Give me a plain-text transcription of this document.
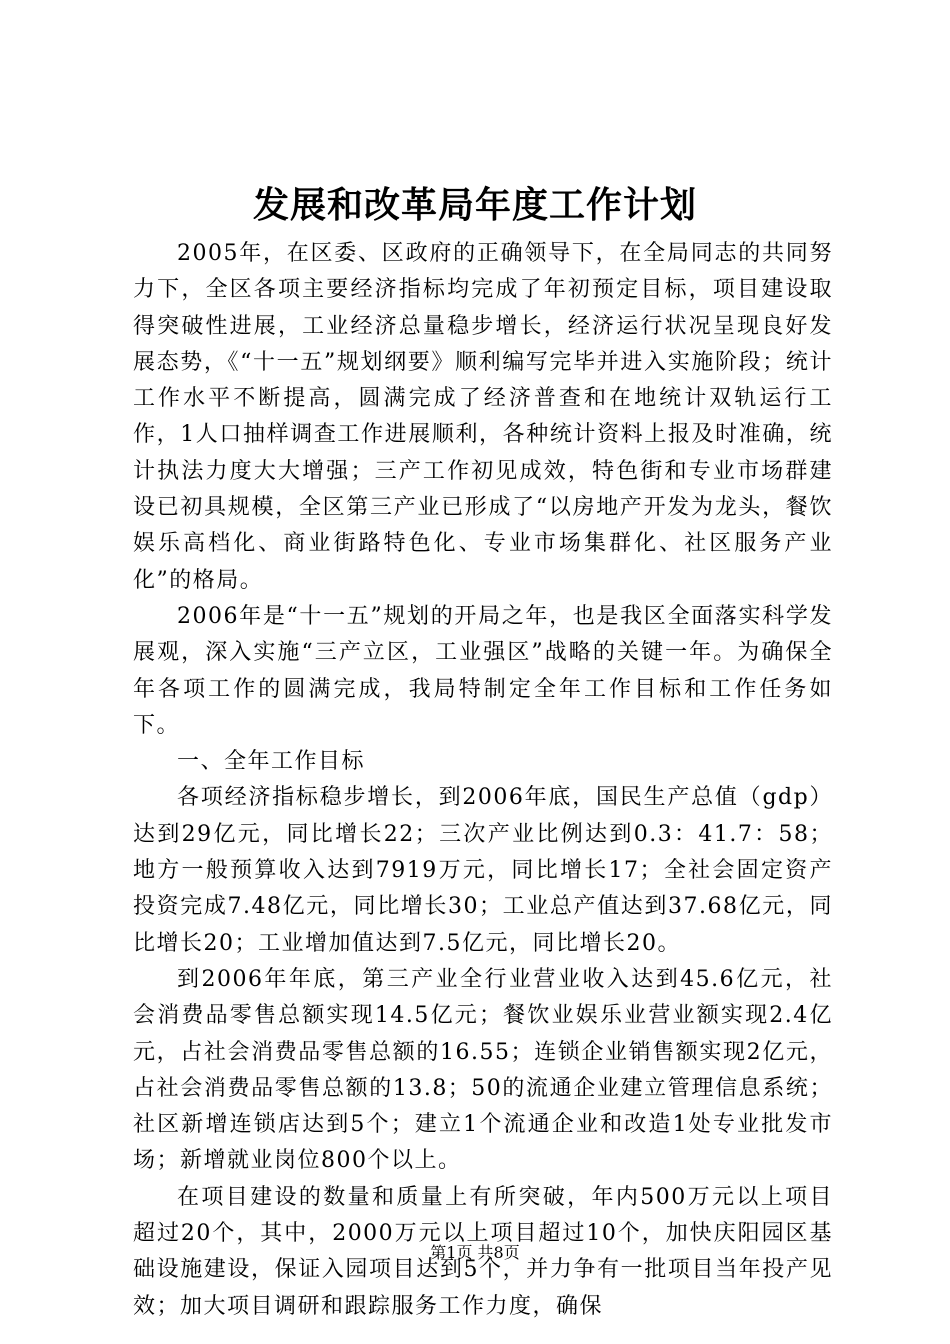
发展和改革局年度工作计划

2005年，在区委、区政府的正确领导下，在全局同志的共同努力下，全区各项主要经济指标均完成了年初预定目标，项目建设取得突破性进展，工业经济总量稳步增长，经济运行状况呈现良好发展态势，《“十一五”规划纲要》顺利编写完毕并进入实施阶段；统计工作水平不断提高，圆满完成了经济普查和在地统计双轨运行工作，1人口抽样调查工作进展顺利，各种统计资料上报及时准确，统计执法力度大大增强；三产工作初见成效，特色街和专业市场群建设已初具规模，全区第三产业已形成了“以房地产开发为龙头，餐饮娱乐高档化、商业街路特色化、专业市场集群化、社区服务产业化”的格局。

2006年是“十一五”规划的开局之年，也是我区全面落实科学发展观，深入实施“三产立区，工业强区”战略的关键一年。为确保全年各项工作的圆满完成，我局特制定全年工作目标和工作任务如下。

一、全年工作目标

各项经济指标稳步增长，到2006年底，国民生产总值（gdp）达到29亿元，同比增长22；三次产业比例达到0.3：41.7：58；地方一般预算收入达到7919万元，同比增长17；全社会固定资产投资完成7.48亿元，同比增长30；工业总产值达到37.68亿元，同比增长20；工业增加值达到7.5亿元，同比增长20。

到2006年年底，第三产业全行业营业收入达到45.6亿元，社会消费品零售总额实现14.5亿元；餐饮业娱乐业营业额实现2.4亿元，占社会消费品零售总额的16.55；连锁企业销售额实现2亿元，占社会消费品零售总额的13.8；50的流通企业建立管理信息系统；社区新增连锁店达到5个；建立1个流通企业和改造1处专业批发市场；新增就业岗位800个以上。

在项目建设的数量和质量上有所突破，年内500万元以上项目超过20个，其中，2000万元以上项目超过10个，加快庆阳园区基础设施建设，保证入园项目达到5个，并力争有一批项目当年投产见效；加大项目调研和跟踪服务工作力度，确保

第1页 共8页
